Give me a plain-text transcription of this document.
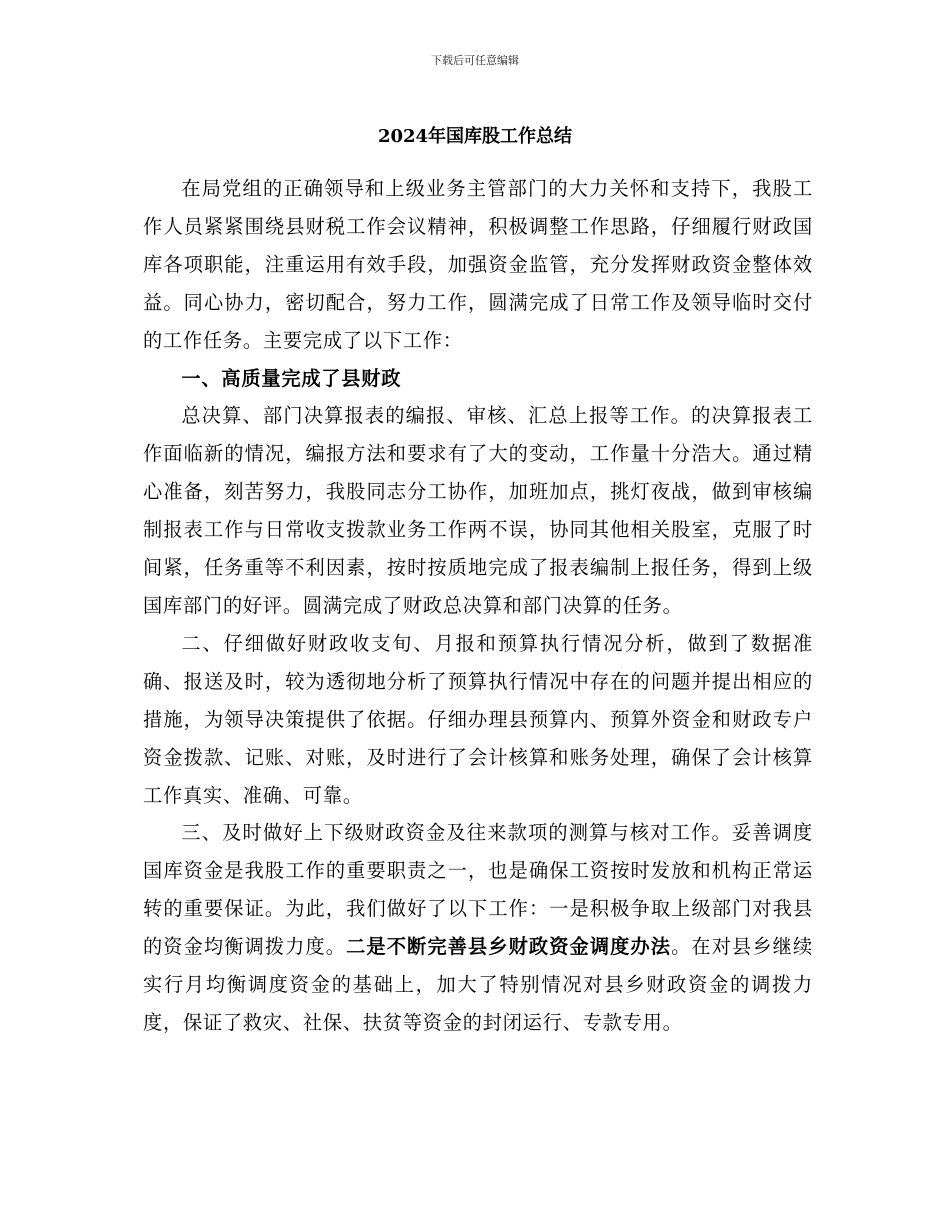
下载后可任意编辑
2024年国库股工作总结

在局党组的正确领导和上级业务主管部门的大力关怀和支持下，我股工作人员紧紧围绕县财税工作会议精神，积极调整工作思路，仔细履行财政国库各项职能，注重运用有效手段，加强资金监管，充分发挥财政资金整体效益。同心协力，密切配合，努力工作，圆满完成了日常工作及领导临时交付的工作任务。主要完成了以下工作：

一、高质量完成了县财政

总决算、部门决算报表的编报、审核、汇总上报等工作。的决算报表工作面临新的情况，编报方法和要求有了大的变动，工作量十分浩大。通过精心准备，刻苦努力，我股同志分工协作，加班加点，挑灯夜战，做到审核编制报表工作与日常收支拨款业务工作两不误，协同其他相关股室，克服了时间紧，任务重等不利因素，按时按质地完成了报表编制上报任务，得到上级国库部门的好评。圆满完成了财政总决算和部门决算的任务。

二、仔细做好财政收支旬、月报和预算执行情况分析，做到了数据准确、报送及时，较为透彻地分析了预算执行情况中存在的问题并提出相应的措施，为领导决策提供了依据。仔细办理县预算内、预算外资金和财政专户资金拨款、记账、对账，及时进行了会计核算和账务处理，确保了会计核算工作真实、准确、可靠。

三、及时做好上下级财政资金及往来款项的测算与核对工作。妥善调度国库资金是我股工作的重要职责之一，也是确保工资按时发放和机构正常运转的重要保证。为此，我们做好了以下工作：一是积极争取上级部门对我县的资金均衡调拨力度。二是不断完善县乡财政资金调度办法。在对县乡继续实行月均衡调度资金的基础上，加大了特别情况对县乡财政资金的调拨力度，保证了救灾、社保、扶贫等资金的封闭运行、专款专用。
